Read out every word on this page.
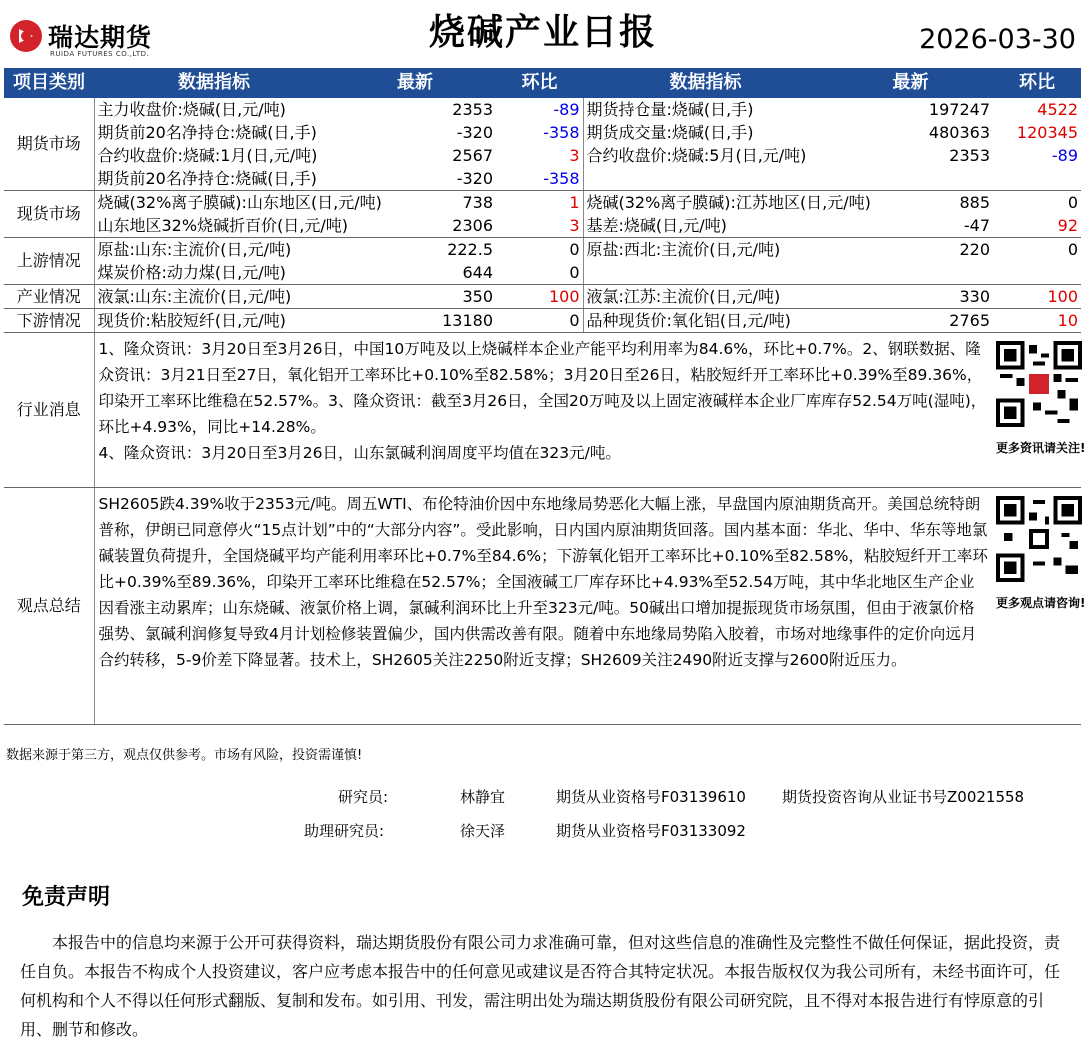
瑞达期货
RUIDA FUTURES CO.,LTD.
烧碱产业日报	2026-03-30
项目类别	数据指标	最新	环比	数据指标	最新	环比
期货市场	主力收盘价:烧碱(日,元/吨)	2353	-89	期货持仓量:烧碱(日,手)	197247	4522
	期货前20名净持仓:烧碱(日,手)	-320	-358	期货成交量:烧碱(日,手)	480363	120345
	合约收盘价:烧碱:1月(日,元/吨)	2567	3	合约收盘价:烧碱:5月(日,元/吨)	2353	-89
	期货前20名净持仓:烧碱(日,手)	-320	-358			
现货市场	烧碱(32%离子膜碱):山东地区(日,元/吨)	738	1	烧碱(32%离子膜碱):江苏地区(日,元/吨)	885	0
	山东地区32%烧碱折百价(日,元/吨)	2306	3	基差:烧碱(日,元/吨)	-47	92
上游情况	原盐:山东:主流价(日,元/吨)	222.5	0	原盐:西北:主流价(日,元/吨)	220	0
	煤炭价格:动力煤(日,元/吨)	644	0			
产业情况	液氯:山东:主流价(日,元/吨)	350	100	液氯:江苏:主流价(日,元/吨)	330	100
下游情况	现货价:粘胶短纤(日,元/吨)	13180	0	品种现货价:氧化铝(日,元/吨)	2765	10
行业消息	1、隆众资讯：3月20日至3月26日，中国10万吨及以上烧碱样本企业产能平均利用率为84.6%，环比+0.7%。2、钢联数据、隆众资讯：3月21日至27日，氧化铝开工率环比+0.10%至82.58%；3月20日至26日，粘胶短纤开工率环比+0.39%至89.36%，印染开工率环比维稳在52.57%。3、隆众资讯：截至3月26日，全国20万吨及以上固定液碱样本企业厂库库存52.54万吨(湿吨)，环比+4.93%，同比+14.28%。
4、隆众资讯：3月20日至3月26日，山东氯碱利润周度平均值在323元/吨。					更多资讯请关注!

观点总结	SH2605跌4.39%收于2353元/吨。周五WTI、布伦特油价因中东地缘局势恶化大幅上涨，早盘国内原油期货高开。美国总统特朗普称，伊朗已同意停火“15点计划”中的“大部分内容”。受此影响，日内国内原油期货回落。国内基本面：华北、华中、华东等地氯碱装置负荷提升，全国烧碱平均产能利用率环比+0.7%至84.6%；下游氧化铝开工率环比+0.10%至82.58%，粘胶短纤开工率环比+0.39%至89.36%，印染开工率环比维稳在52.57%；全国液碱工厂库存环比+4.93%至52.54万吨，其中华北地区生产企业因看涨主动累库；山东烧碱、液氯价格上调，氯碱利润环比上升至323元/吨。50碱出口增加提振现货市场氛围，但由于液氯价格强势、氯碱利润修复导致4月计划检修装置偏少，国内供需改善有限。随着中东地缘局势陷入胶着，市场对地缘事件的定价向远月合约转移，5-9价差下降显著。技术上，SH2605关注2250附近支撑；SH2609关注2490附近支撑与2600附近压力。					更多观点请咨询!
数据来源于第三方，观点仅供参考。市场有风险，投资需谨慎!
研究员:	林静宜	期货从业资格号F03139610 期货投资咨询从业证书号Z0021558
助理研究员:	徐天泽	期货从业资格号F03133092
免责声明
本报告中的信息均来源于公开可获得资料，瑞达期货股份有限公司力求准确可靠，但对这些信息的准确性及完整性不做任何保证，据此投资，责任自负。本报告不构成个人投资建议，客户应考虑本报告中的任何意见或建议是否符合其特定状况。本报告版权仅为我公司所有，未经书面许可，任何机构和个人不得以任何形式翻版、复制和发布。如引用、刊发，需注明出处为瑞达期货股份有限公司研究院，且不得对本报告进行有悖原意的引用、删节和修改。
